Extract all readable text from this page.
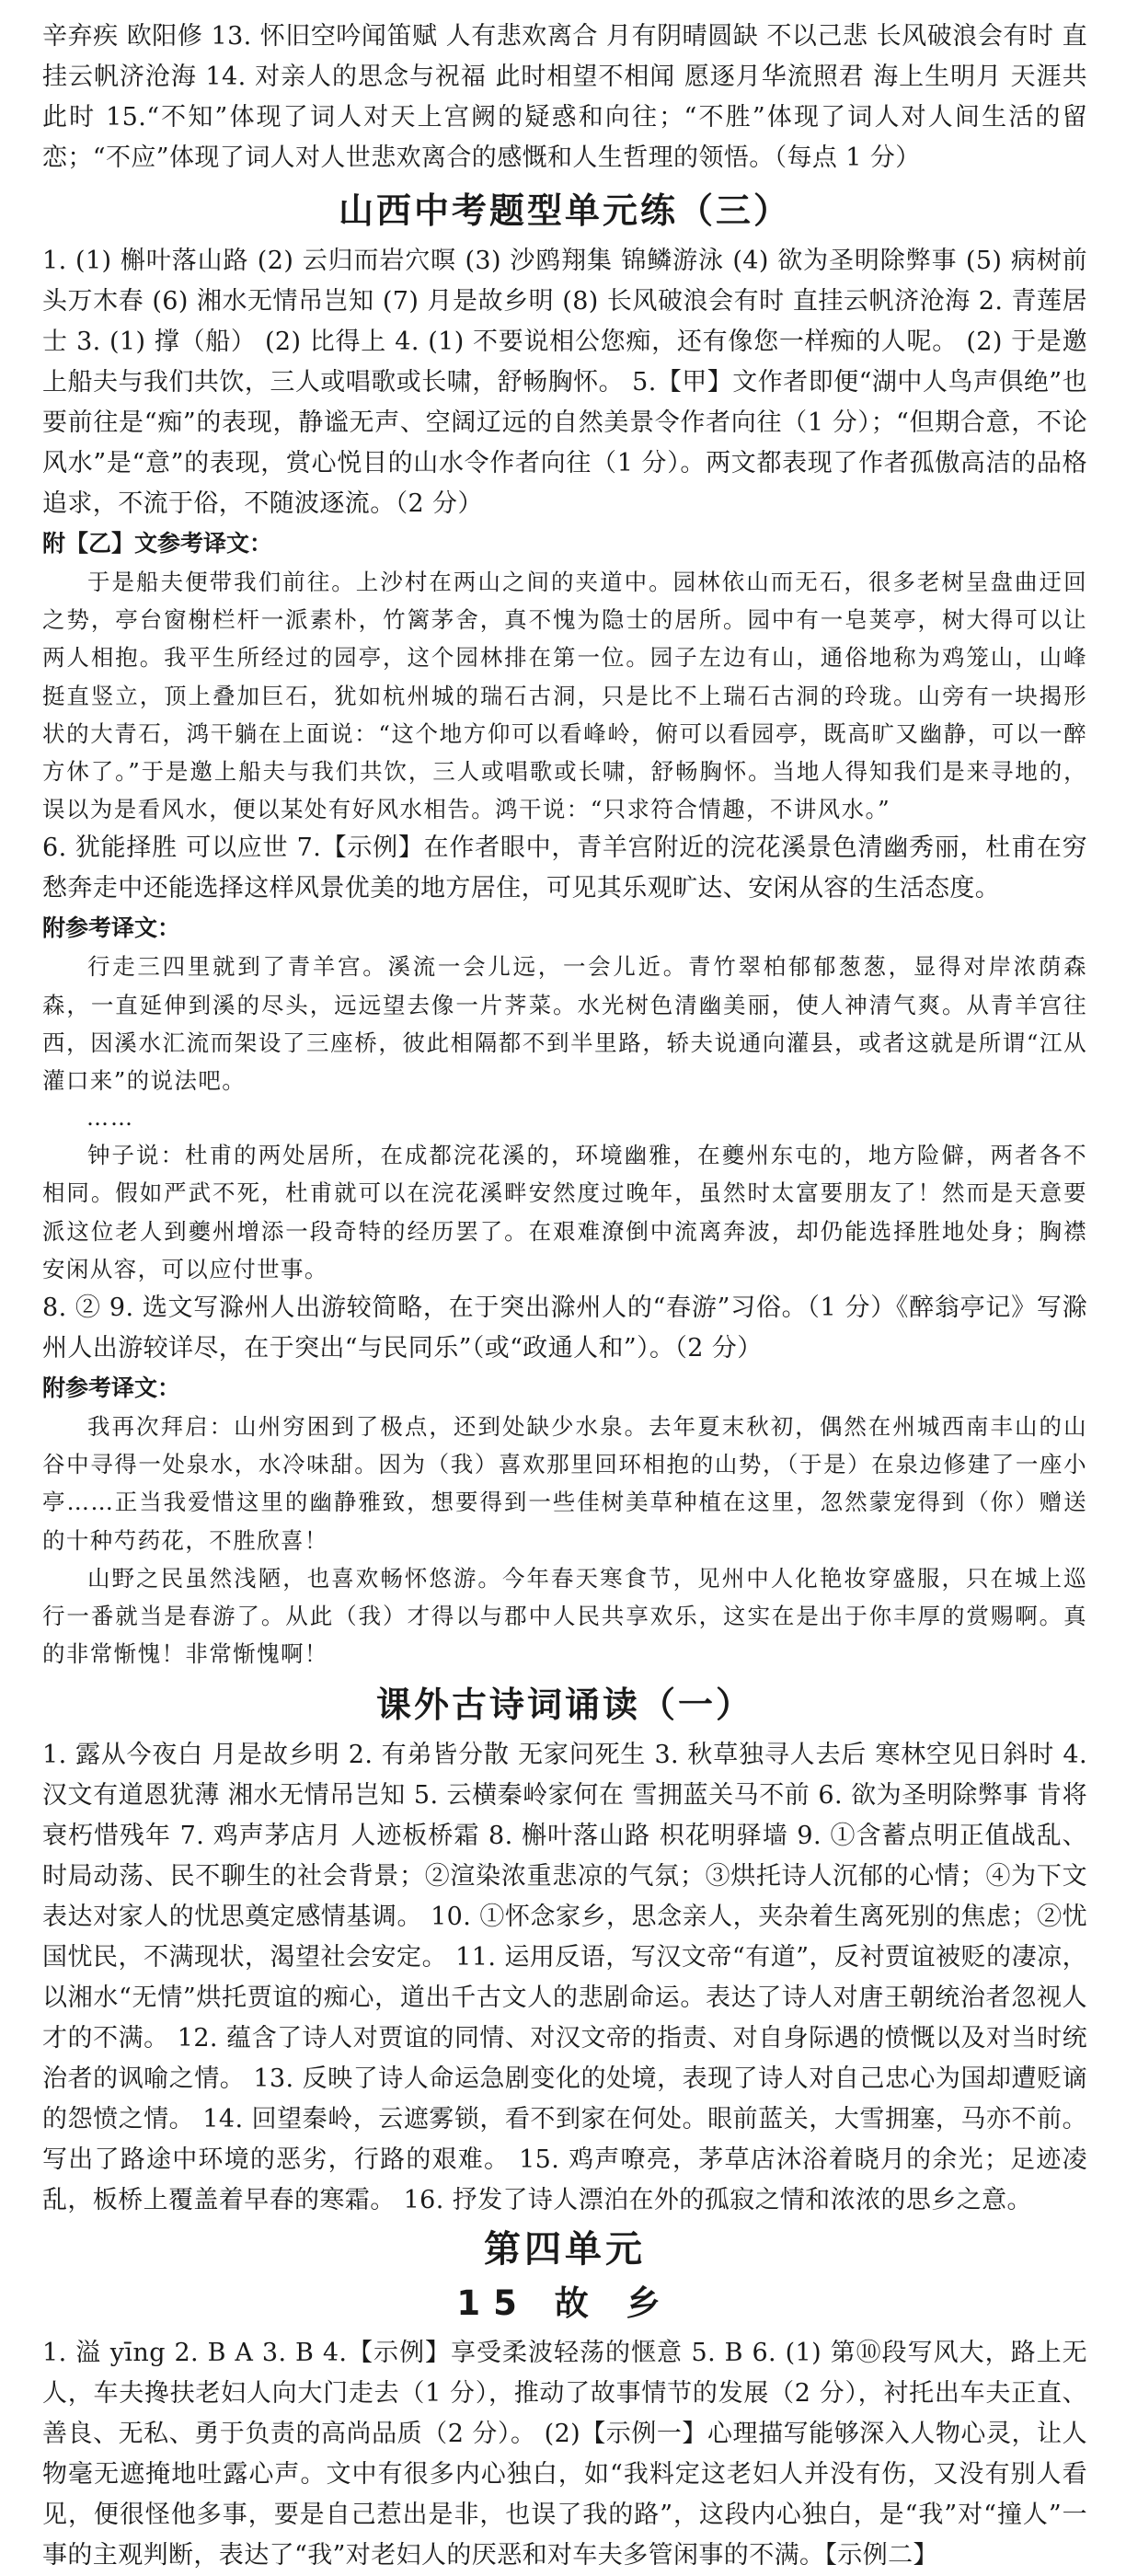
辛弃疾 欧阳修 13. 怀旧空吟闻笛赋 人有悲欢离合 月有阴晴圆缺 不以己悲 长风破浪会有时 直挂云帆济沧海 14. 对亲人的思念与祝福 此时相望不相闻 愿逐月华流照君 海上生明月 天涯共此时 15.“不知”体现了词人对天上宫阙的疑惑和向往；“不胜”体现了词人对人间生活的留恋；“不应”体现了词人对人世悲欢离合的感慨和人生哲理的领悟。（每点 1 分）

山西中考题型单元练（三）

1. (1) 槲叶落山路 (2) 云归而岩穴暝 (3) 沙鸥翔集 锦鳞游泳 (4) 欲为圣明除弊事 (5) 病树前头万木春 (6) 湘水无情吊岂知 (7) 月是故乡明 (8) 长风破浪会有时 直挂云帆济沧海 2. 青莲居士 3. (1) 撑（船） (2) 比得上 4. (1) 不要说相公您痴，还有像您一样痴的人呢。 (2) 于是邀上船夫与我们共饮，三人或唱歌或长啸，舒畅胸怀。 5.【甲】文作者即便“湖中人鸟声俱绝”也要前往是“痴”的表现，静谧无声、空阔辽远的自然美景令作者向往（1 分）；“但期合意，不论风水”是“意”的表现，赏心悦目的山水令作者向往（1 分）。两文都表现了作者孤傲高洁的品格追求，不流于俗，不随波逐流。（2 分）

附【乙】文参考译文：

于是船夫便带我们前往。上沙村在两山之间的夹道中。园林依山而无石，很多老树呈盘曲迂回之势，亭台窗榭栏杆一派素朴，竹篱茅舍，真不愧为隐士的居所。园中有一皂荚亭，树大得可以让两人相抱。我平生所经过的园亭，这个园林排在第一位。园子左边有山，通俗地称为鸡笼山，山峰挺直竖立，顶上叠加巨石，犹如杭州城的瑞石古洞，只是比不上瑞石古洞的玲珑。山旁有一块揭形状的大青石，鸿干躺在上面说：“这个地方仰可以看峰岭，俯可以看园亭，既高旷又幽静，可以一醉方休了。”于是邀上船夫与我们共饮，三人或唱歌或长啸，舒畅胸怀。当地人得知我们是来寻地的，误以为是看风水，便以某处有好风水相告。鸿干说：“只求符合情趣，不讲风水。”

6. 犹能择胜 可以应世 7.【示例】在作者眼中，青羊宫附近的浣花溪景色清幽秀丽，杜甫在穷愁奔走中还能选择这样风景优美的地方居住，可见其乐观旷达、安闲从容的生活态度。

附参考译文：

行走三四里就到了青羊宫。溪流一会儿远，一会儿近。青竹翠柏郁郁葱葱，显得对岸浓荫森森，一直延伸到溪的尽头，远远望去像一片荠菜。水光树色清幽美丽，使人神清气爽。从青羊宫往西，因溪水汇流而架设了三座桥，彼此相隔都不到半里路，轿夫说通向灌县，或者这就是所谓“江从灌口来”的说法吧。

……

钟子说：杜甫的两处居所，在成都浣花溪的，环境幽雅，在夔州东屯的，地方险僻，两者各不相同。假如严武不死，杜甫就可以在浣花溪畔安然度过晚年，虽然时太富要朋友了！然而是天意要派这位老人到夔州增添一段奇特的经历罢了。在艰难潦倒中流离奔波，却仍能选择胜地处身；胸襟安闲从容，可以应付世事。

8. ② 9. 选文写滁州人出游较简略，在于突出滁州人的“春游”习俗。（1 分）《醉翁亭记》写滁州人出游较详尽，在于突出“与民同乐”（或“政通人和”）。（2 分）

附参考译文：

我再次拜启：山州穷困到了极点，还到处缺少水泉。去年夏末秋初，偶然在州城西南丰山的山谷中寻得一处泉水，水冷味甜。因为（我）喜欢那里回环相抱的山势，（于是）在泉边修建了一座小亭……正当我爱惜这里的幽静雅致，想要得到一些佳树美草种植在这里，忽然蒙宠得到（你）赠送的十种芍药花，不胜欣喜！

山野之民虽然浅陋，也喜欢畅怀悠游。今年春天寒食节，见州中人化艳妆穿盛服，只在城上巡行一番就当是春游了。从此（我）才得以与郡中人民共享欢乐，这实在是出于你丰厚的赏赐啊。真的非常惭愧！非常惭愧啊！

课外古诗词诵读（一）

1. 露从今夜白 月是故乡明 2. 有弟皆分散 无家问死生 3. 秋草独寻人去后 寒林空见日斜时 4. 汉文有道恩犹薄 湘水无情吊岂知 5. 云横秦岭家何在 雪拥蓝关马不前 6. 欲为圣明除弊事 肯将衰朽惜残年 7. 鸡声茅店月 人迹板桥霜 8. 槲叶落山路 枳花明驿墙 9. ①含蓄点明正值战乱、时局动荡、民不聊生的社会背景；②渲染浓重悲凉的气氛；③烘托诗人沉郁的心情；④为下文表达对家人的忧思奠定感情基调。 10. ①怀念家乡，思念亲人，夹杂着生离死别的焦虑；②忧国忧民，不满现状，渴望社会安定。 11. 运用反语，写汉文帝“有道”，反衬贾谊被贬的凄凉，以湘水“无情”烘托贾谊的痴心，道出千古文人的悲剧命运。表达了诗人对唐王朝统治者忽视人才的不满。 12. 蕴含了诗人对贾谊的同情、对汉文帝的指责、对自身际遇的愤慨以及对当时统治者的讽喻之情。 13. 反映了诗人命运急剧变化的处境，表现了诗人对自己忠心为国却遭贬谪的怨愤之情。 14. 回望秦岭，云遮雾锁，看不到家在何处。眼前蓝关，大雪拥塞，马亦不前。写出了路途中环境的恶劣，行路的艰难。 15. 鸡声嘹亮，茅草店沐浴着晓月的余光；足迹凌乱，板桥上覆盖着早春的寒霜。 16. 抒发了诗人漂泊在外的孤寂之情和浓浓的思乡之意。

第四单元
15 故 乡

1. 溢 yīng 2. B A 3. B 4.【示例】享受柔波轻荡的惬意 5. B 6. (1) 第⑩段写风大，路上无人，车夫搀扶老妇人向大门走去（1 分），推动了故事情节的发展（2 分），衬托出车夫正直、善良、无私、勇于负责的高尚品质（2 分）。 (2)【示例一】心理描写能够深入人物心灵，让人物毫无遮掩地吐露心声。文中有很多内心独白，如“我料定这老妇人并没有伤，又没有别人看见，便很怪他多事，要是自己惹出是非，也误了我的路”，这段内心独白，是“我”对“撞人”一事的主观判断，表达了“我”对老妇人的厌恶和对车夫多管闲事的不满。【示例二】
